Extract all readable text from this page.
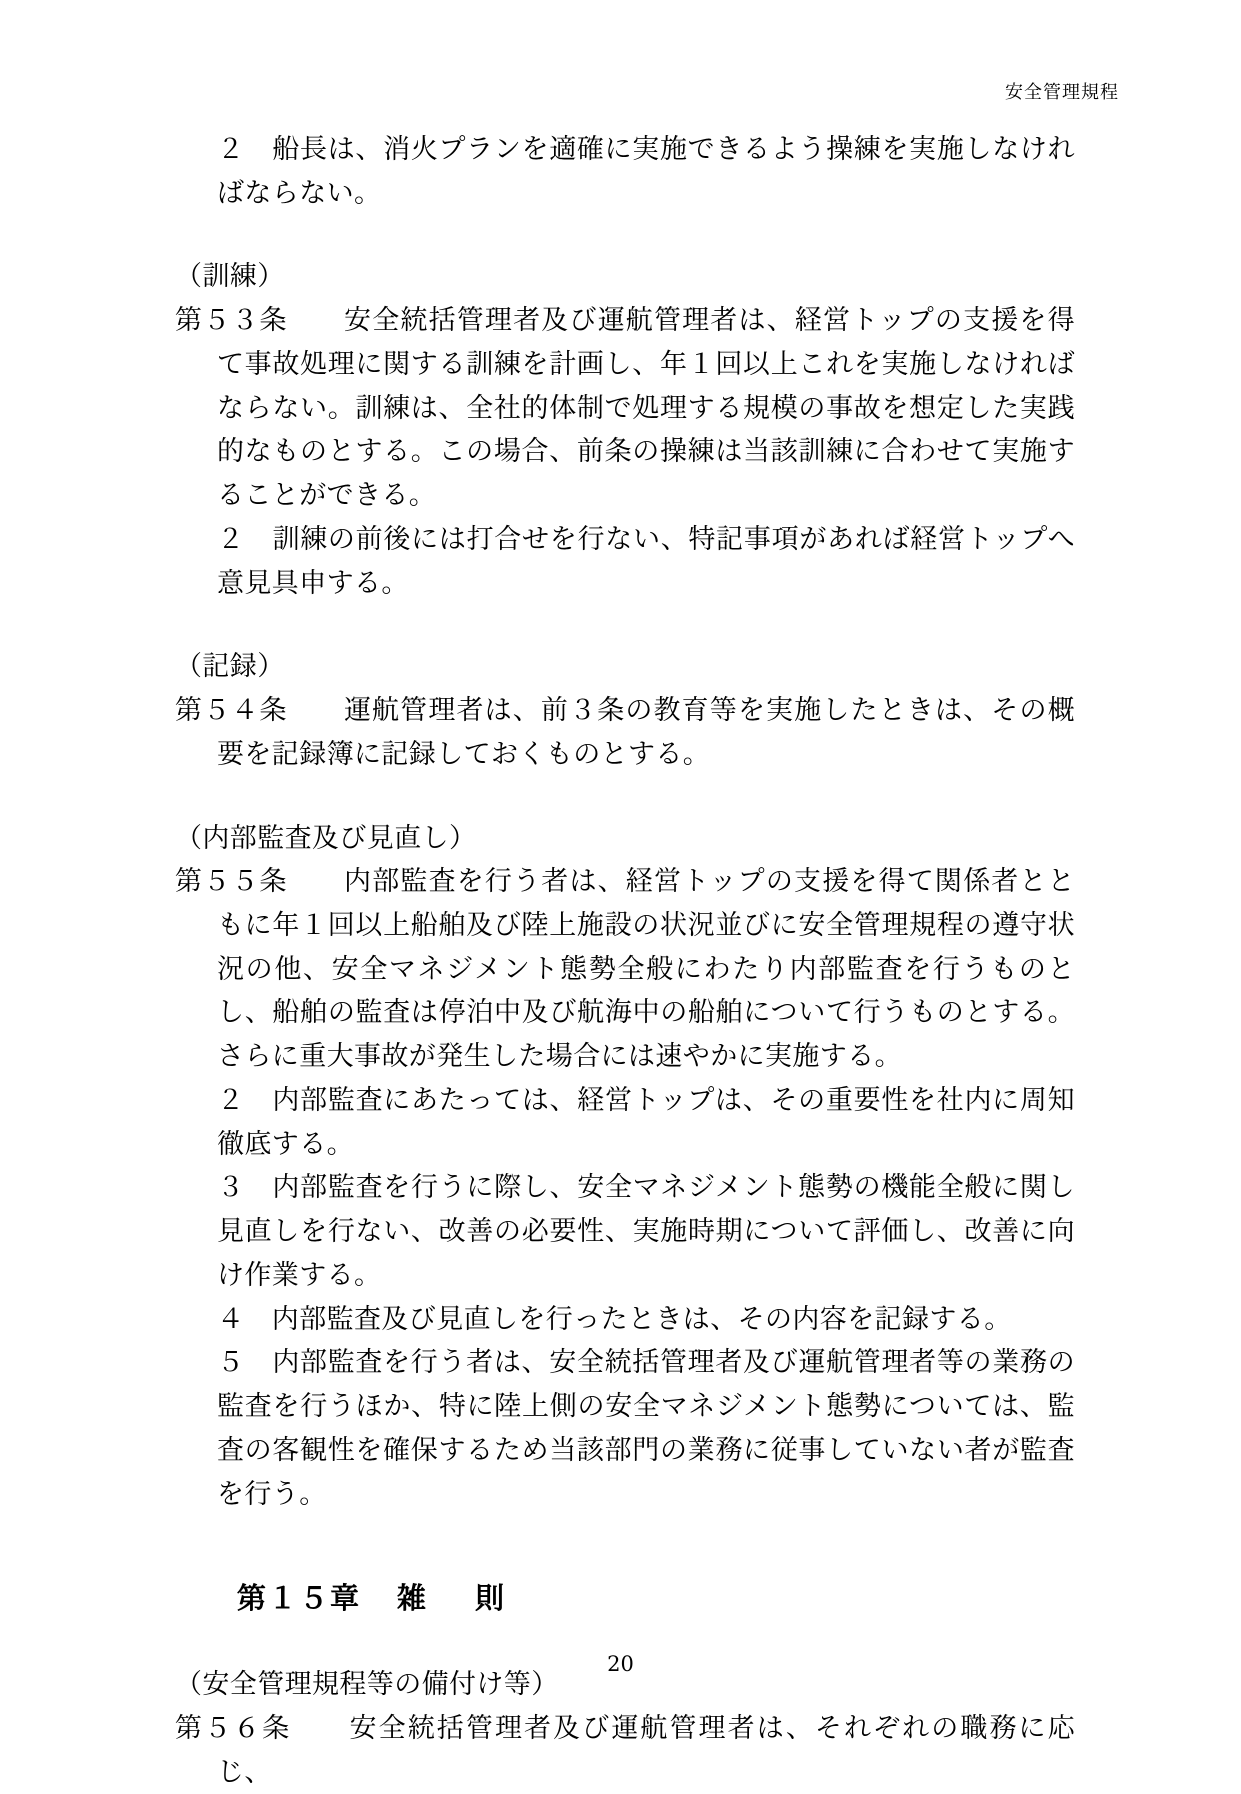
安全管理規程

２　船長は、消火プランを適確に実施できるよう操練を実施しなければならない。

（訓練）

第５３条　　安全統括管理者及び運航管理者は、経営トップの支援を得て事故処理に関する訓練を計画し、年１回以上これを実施しなければならない。訓練は、全社的体制で処理する規模の事故を想定した実践的なものとする。この場合、前条の操練は当該訓練に合わせて実施することができる。

２　訓練の前後には打合せを行ない、特記事項があれば経営トップへ意見具申する。

（記録）

第５４条　　運航管理者は、前３条の教育等を実施したときは、その概要を記録簿に記録しておくものとする。

（内部監査及び見直し）

第５５条　　内部監査を行う者は、経営トップの支援を得て関係者とともに年１回以上船舶及び陸上施設の状況並びに安全管理規程の遵守状況の他、安全マネジメント態勢全般にわたり内部監査を行うものとし、船舶の監査は停泊中及び航海中の船舶について行うものとする。さらに重大事故が発生した場合には速やかに実施する。

２　内部監査にあたっては、経営トップは、その重要性を社内に周知徹底する。

３　内部監査を行うに際し、安全マネジメント態勢の機能全般に関し見直しを行ない、改善の必要性、実施時期について評価し、改善に向け作業する。

４　内部監査及び見直しを行ったときは、その内容を記録する。

５　内部監査を行う者は、安全統括管理者及び運航管理者等の業務の監査を行うほか、特に陸上側の安全マネジメント態勢については、監査の客観性を確保するため当該部門の業務に従事していない者が監査を行う。

第１５章 雑　則

（安全管理規程等の備付け等）

第５６条　　安全統括管理者及び運航管理者は、それぞれの職務に応じ、

20
